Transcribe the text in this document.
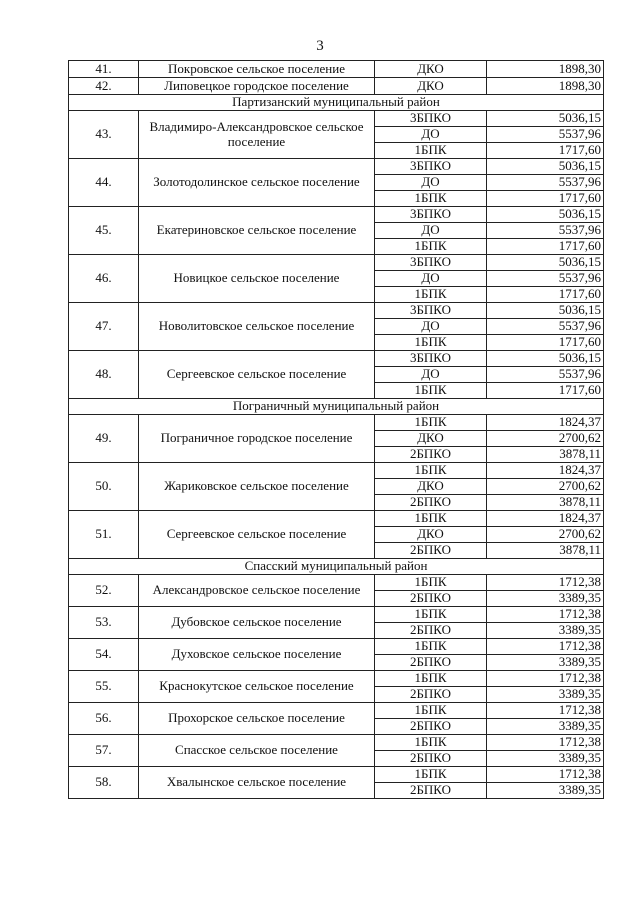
3
41.	Покровское сельское поселение	ДКО	1898,30
42.	Липовецкое городское поселение	ДКО	1898,30
Партизанский муниципальный район			
43.	Владимиро-Александровское сельское поселение	3БПКО	5036,15
		ДО	5537,96
		1БПК	1717,60
44.	Золотодолинское сельское поселение	3БПКО	5036,15
		ДО	5537,96
		1БПК	1717,60
45.	Екатериновское сельское поселение	3БПКО	5036,15
		ДО	5537,96
		1БПК	1717,60
46.	Новицкое сельское поселение	3БПКО	5036,15
		ДО	5537,96
		1БПК	1717,60
47.	Новолитовское сельское поселение	3БПКО	5036,15
		ДО	5537,96
		1БПК	1717,60
48.	Сергеевское сельское поселение	3БПКО	5036,15
		ДО	5537,96
		1БПК	1717,60
Пограничный муниципальный район			
49.	Пограничное городское поселение	1БПК	1824,37
		ДКО	2700,62
		2БПКО	3878,11
50.	Жариковское сельское поселение	1БПК	1824,37
		ДКО	2700,62
		2БПКО	3878,11
51.	Сергеевское сельское поселение	1БПК	1824,37
		ДКО	2700,62
		2БПКО	3878,11
Спасский муниципальный район			
52.	Александровское сельское поселение	1БПК	1712,38
		2БПКО	3389,35
53.	Дубовское сельское поселение	1БПК	1712,38
		2БПКО	3389,35
54.	Духовское сельское поселение	1БПК	1712,38
		2БПКО	3389,35
55.	Краснокутское сельское поселение	1БПК	1712,38
		2БПКО	3389,35
56.	Прохорское сельское поселение	1БПК	1712,38
		2БПКО	3389,35
57.	Спасское сельское поселение	1БПК	1712,38
		2БПКО	3389,35
58.	Хвалынское сельское поселение	1БПК	1712,38
		2БПКО	3389,35
